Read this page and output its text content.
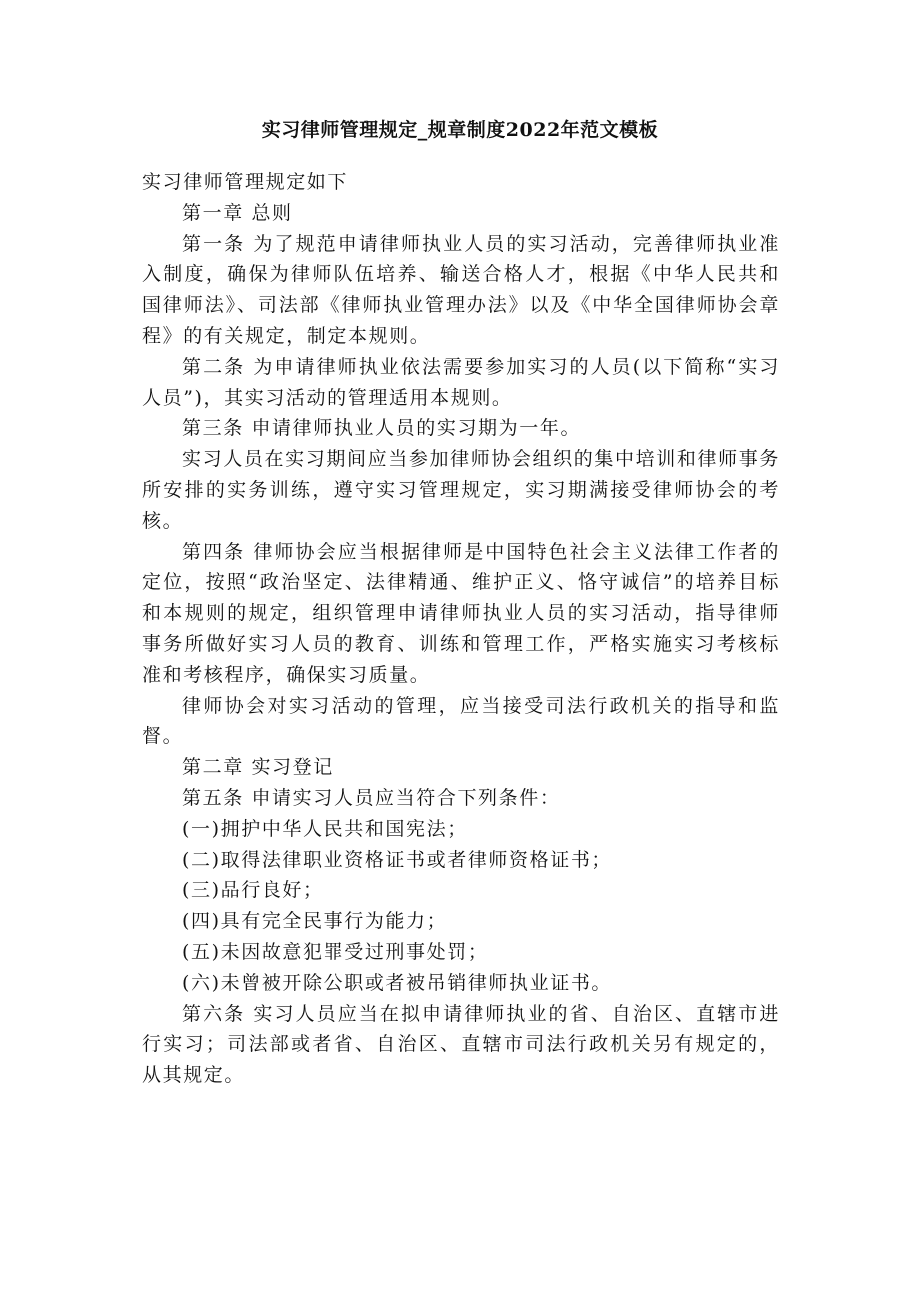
实习律师管理规定_规章制度2022年范文模板

实习律师管理规定如下

第一章 总则

第一条 为了规范申请律师执业人员的实习活动，完善律师执业准入制度，确保为律师队伍培养、输送合格人才，根据《中华人民共和国律师法》、司法部《律师执业管理办法》以及《中华全国律师协会章程》的有关规定，制定本规则。

第二条 为申请律师执业依法需要参加实习的人员(以下简称“实习人员”)，其实习活动的管理适用本规则。

第三条 申请律师执业人员的实习期为一年。

实习人员在实习期间应当参加律师协会组织的集中培训和律师事务所安排的实务训练，遵守实习管理规定，实习期满接受律师协会的考核。

第四条 律师协会应当根据律师是中国特色社会主义法律工作者的定位，按照“政治坚定、法律精通、维护正义、恪守诚信”的培养目标和本规则的规定，组织管理申请律师执业人员的实习活动，指导律师事务所做好实习人员的教育、训练和管理工作，严格实施实习考核标准和考核程序，确保实习质量。

律师协会对实习活动的管理，应当接受司法行政机关的指导和监督。

第二章 实习登记

第五条 申请实习人员应当符合下列条件：

(一)拥护中华人民共和国宪法；

(二)取得法律职业资格证书或者律师资格证书；

(三)品行良好；

(四)具有完全民事行为能力；

(五)未因故意犯罪受过刑事处罚；

(六)未曾被开除公职或者被吊销律师执业证书。

第六条 实习人员应当在拟申请律师执业的省、自治区、直辖市进行实习；司法部或者省、自治区、直辖市司法行政机关另有规定的，从其规定。
